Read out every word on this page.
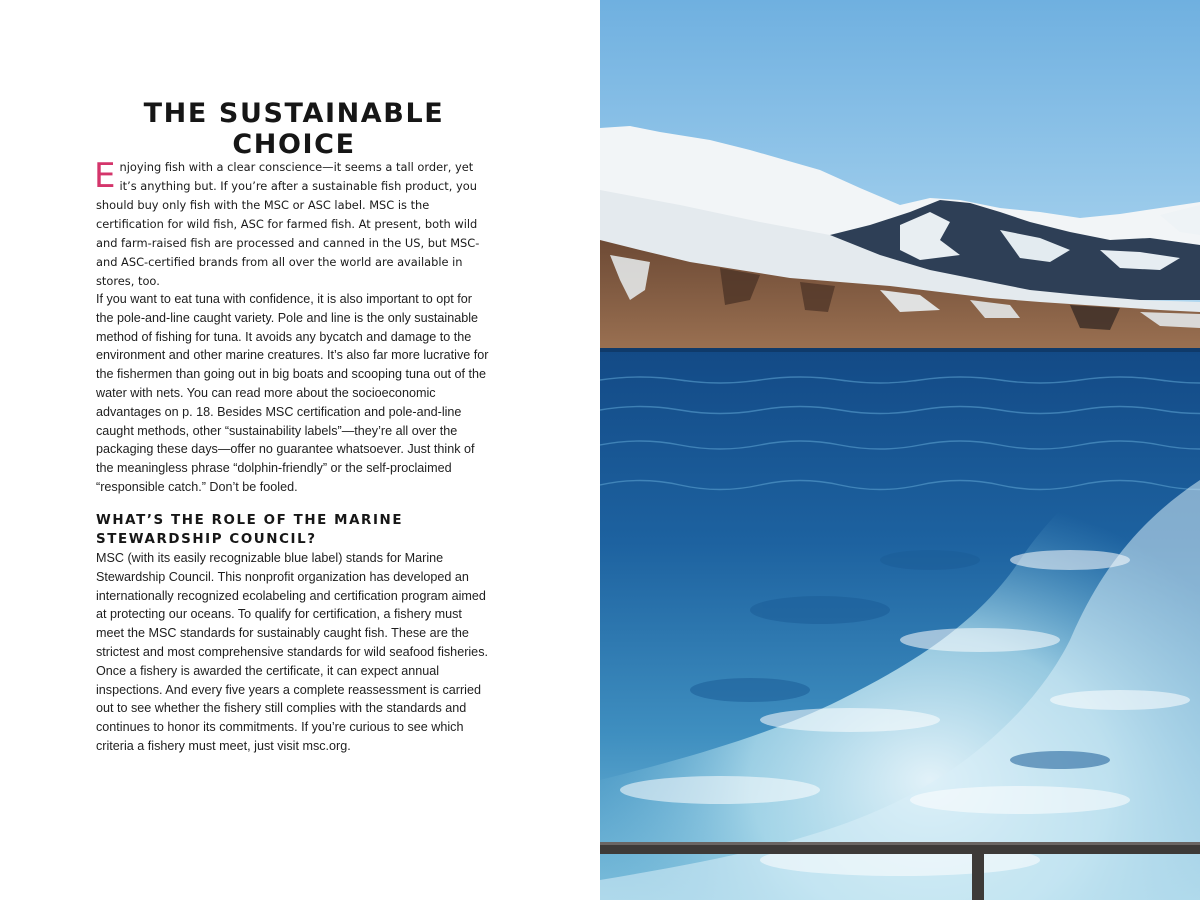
THE SUSTAINABLE CHOICE

Enjoying fish with a clear conscience—it seems a tall order, yet it’s anything but. If you’re after a sustainable fish product, you should buy only fish with the MSC or ASC label. MSC is the certification for wild fish, ASC for farmed fish. At present, both wild and farm-raised fish are processed and canned in the US, but MSC- and ASC-certified brands from all over the world are available in stores, too.

If you want to eat tuna with confidence, it is also important to opt for the pole-and-line caught variety. Pole and line is the only sustainable method of fishing for tuna. It avoids any bycatch and damage to the environment and other marine creatures. It’s also far more lucrative for the fishermen than going out in big boats and scooping tuna out of the water with nets. You can read more about the socioeconomic advantages on p. 18. Besides MSC certification and pole-and-line caught methods, other “sustainability labels”—they’re all over the packaging these days—offer no guarantee whatsoever. Just think of the meaningless phrase “dolphin-friendly” or the self-proclaimed “responsible catch.” Don’t be fooled.

WHAT’S THE ROLE OF THE MARINE STEWARDSHIP COUNCIL?

MSC (with its easily recognizable blue label) stands for Marine Stewardship Council. This nonprofit organization has developed an internationally recognized ecolabeling and certification program aimed at protecting our oceans. To qualify for certification, a fishery must meet the MSC standards for sustainably caught fish. These are the strictest and most comprehensive standards for wild seafood fisheries. Once a fishery is awarded the certificate, it can expect annual inspections. And every five years a complete reassessment is carried out to see whether the fishery still complies with the standards and continues to honor its commitments. If you’re curious to see which criteria a fishery must meet, just visit msc.org.
